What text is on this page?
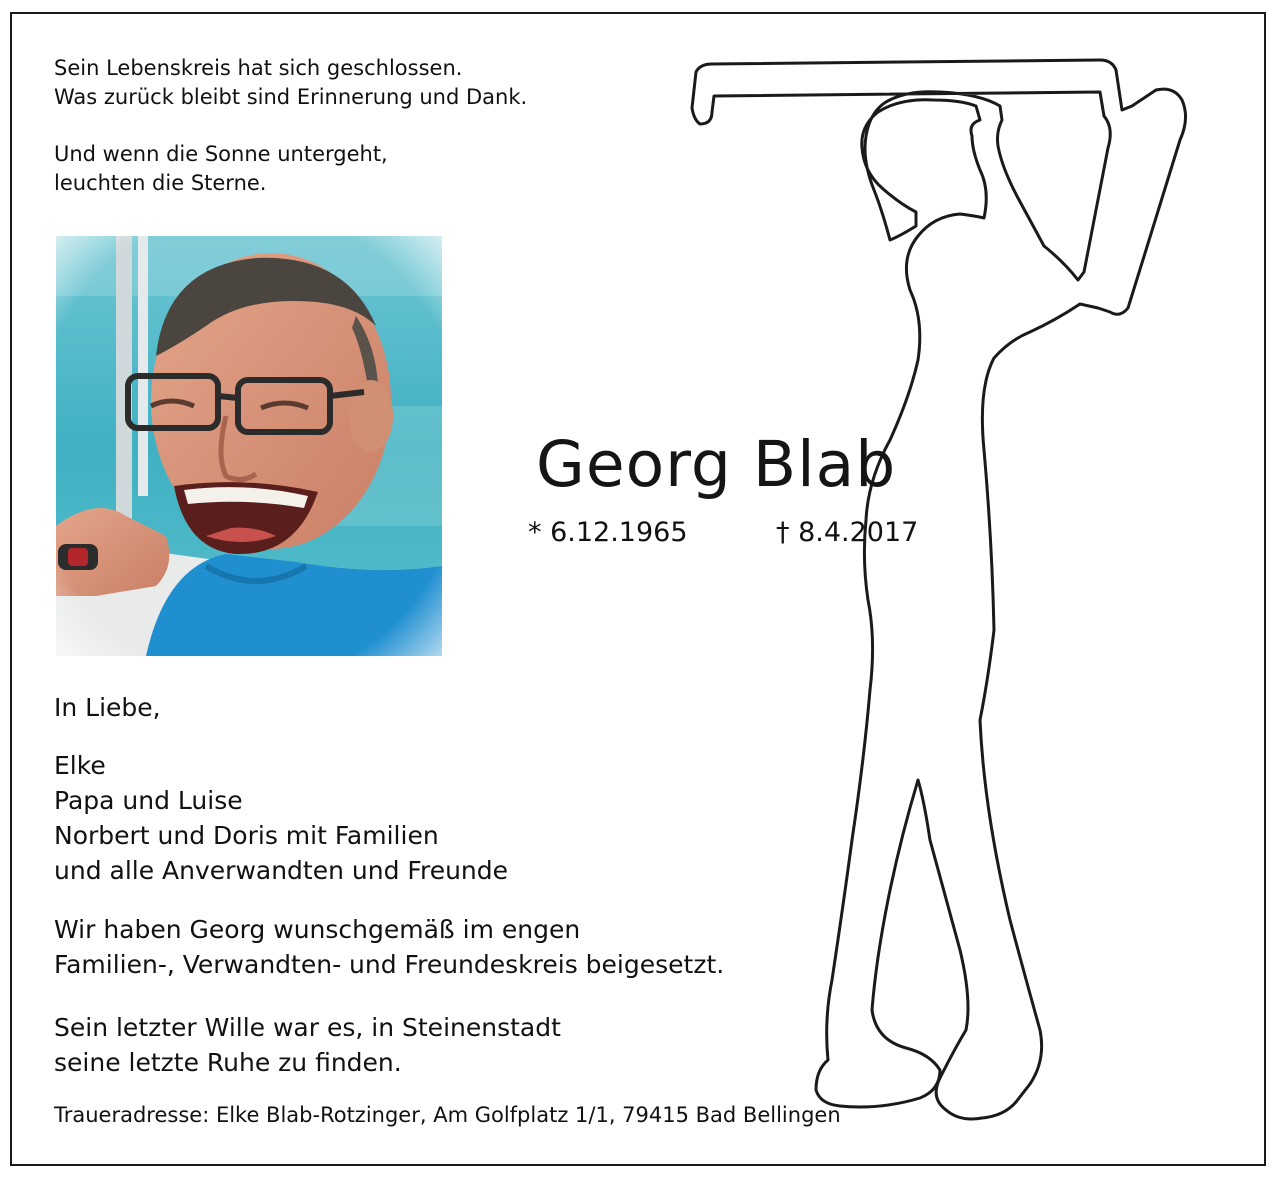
Sein Lebenskreis hat sich geschlossen.
Was zurück bleibt sind Erinnerung und Dank.

Und wenn die Sonne untergeht,
leuchten die Sterne.

Georg Blab
* 6.12.1965	† 8.4.2017

In Liebe,

Elke
Papa und Luise
Norbert und Doris mit Familien
und alle Anverwandten und Freunde

Wir haben Georg wunschgemäß im engen
Familien-, Verwandten- und Freundeskreis beigesetzt.

Sein letzter Wille war es, in Steinenstadt
seine letzte Ruhe zu finden.

Traueradresse: Elke Blab-Rotzinger, Am Golfplatz 1/1, 79415 Bad Bellingen
